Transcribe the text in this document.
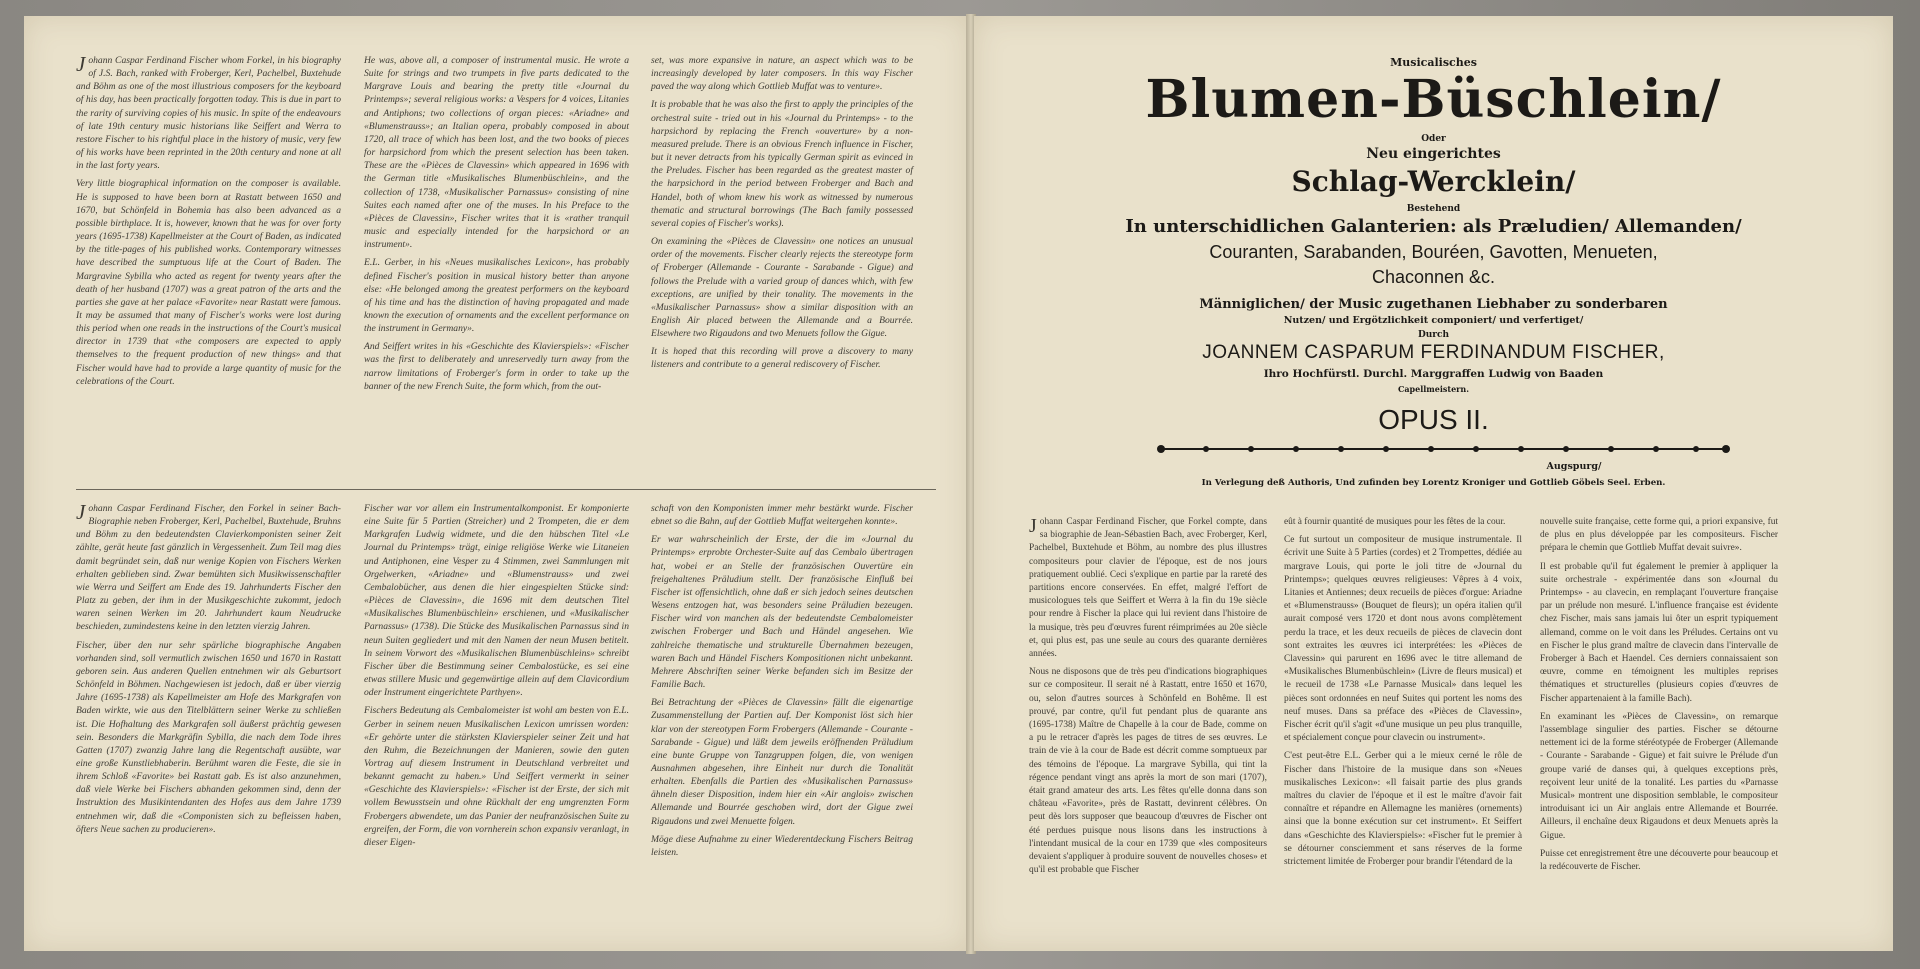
Johann Caspar Ferdinand Fischer whom Forkel, in his biography of J.S. Bach, ranked with Froberger, Kerl, Pachelbel, Buxtehude and Böhm as one of the most illustrious composers for the keyboard of his day, has been practically forgotten today. This is due in part to the rarity of surviving copies of his music. In spite of the endeavours of late 19th century music historians like Seiffert and Werra to restore Fischer to his rightful place in the history of music, very few of his works have been reprinted in the 20th century and none at all in the last forty years.

Very little biographical information on the composer is available. He is supposed to have been born at Rastatt between 1650 and 1670, but Schönfeld in Bohemia has also been advanced as a possible birthplace. It is, however, known that he was for over forty years (1695-1738) Kapellmeister at the Court of Baden, as indicated by the title-pages of his published works. Contemporary witnesses have described the sumptuous life at the Court of Baden. The Margravine Sybilla who acted as regent for twenty years after the death of her husband (1707) was a great patron of the arts and the parties she gave at her palace «Favorite» near Rastatt were famous. It may be assumed that many of Fischer's works were lost during this period when one reads in the instructions of the Court's musical director in 1739 that «the composers are expected to apply themselves to the frequent production of new things» and that Fischer would have had to provide a large quantity of music for the celebrations of the Court.

He was, above all, a composer of instrumental music. He wrote a Suite for strings and two trumpets in five parts dedicated to the Margrave Louis and bearing the pretty title «Journal du Printemps»; several religious works: a Vespers for 4 voices, Litanies and Antiphons; two collections of organ pieces: «Ariadne» and «Blumenstrauss»; an Italian opera, probably composed in about 1720, all trace of which has been lost, and the two books of pieces for harpsichord from which the present selection has been taken. These are the «Pièces de Clavessin» which appeared in 1696 with the German title «Musikalisches Blumenbüschlein», and the collection of 1738, «Musikalischer Parnassus» consisting of nine Suites each named after one of the muses. In his Preface to the «Pièces de Clavessin», Fischer writes that it is «rather tranquil music and especially intended for the harpsichord or an instrument».

E.L. Gerber, in his «Neues musikalisches Lexicon», has probably defined Fischer's position in musical history better than anyone else: «He belonged among the greatest performers on the keyboard of his time and has the distinction of having propagated and made known the execution of ornaments and the excellent performance on the instrument in Germany».

And Seiffert writes in his «Geschichte des Klavierspiels»: «Fischer was the first to deliberately and unreservedly turn away from the narrow limitations of Froberger's form in order to take up the banner of the new French Suite, the form which, from the out-

set, was more expansive in nature, an aspect which was to be increasingly developed by later composers. In this way Fischer paved the way along which Gottlieb Muffat was to venture».

It is probable that he was also the first to apply the principles of the orchestral suite - tried out in his «Journal du Printemps» - to the harpsichord by replacing the French «ouverture» by a non-measured prelude. There is an obvious French influence in Fischer, but it never detracts from his typically German spirit as evinced in the Preludes. Fischer has been regarded as the greatest master of the harpsichord in the period between Froberger and Bach and Handel, both of whom knew his work as witnessed by numerous thematic and structural borrowings (The Bach family possessed several copies of Fischer's works).

On examining the «Pièces de Clavessin» one notices an unusual order of the movements. Fischer clearly rejects the stereotype form of Froberger (Allemande - Courante - Sarabande - Gigue) and follows the Prelude with a varied group of dances which, with few exceptions, are unified by their tonality. The movements in the «Musikalischer Parnassus» show a similar disposition with an English Air placed between the Allemande and a Bourrée. Elsewhere two Rigaudons and two Menuets follow the Gigue.

It is hoped that this recording will prove a discovery to many listeners and contribute to a general rediscovery of Fischer.

Johann Caspar Ferdinand Fischer, den Forkel in seiner Bach-Biographie neben Froberger, Kerl, Pachelbel, Buxtehude, Bruhns und Böhm zu den bedeutendsten Clavierkomponisten seiner Zeit zählte, gerät heute fast gänzlich in Vergessenheit. Zum Teil mag dies damit begründet sein, daß nur wenige Kopien von Fischers Werken erhalten geblieben sind. Zwar bemühten sich Musikwissenschaftler wie Werra und Seiffert am Ende des 19. Jahrhunderts Fischer den Platz zu geben, der ihm in der Musikgeschichte zukommt, jedoch waren seinen Werken im 20. Jahrhundert kaum Neudrucke beschieden, zumindestens keine in den letzten vierzig Jahren.

Fischer, über den nur sehr spärliche biographische Angaben vorhanden sind, soll vermutlich zwischen 1650 und 1670 in Rastatt geboren sein. Aus anderen Quellen entnehmen wir als Geburtsort Schönfeld in Böhmen. Nachgewiesen ist jedoch, daß er über vierzig Jahre (1695-1738) als Kapellmeister am Hofe des Markgrafen von Baden wirkte, wie aus den Titelblättern seiner Werke zu schließen ist. Die Hofhaltung des Markgrafen soll äußerst prächtig gewesen sein. Besonders die Markgräfin Sybilla, die nach dem Tode ihres Gatten (1707) zwanzig Jahre lang die Regentschaft ausübte, war eine große Kunstliebhaberin. Berühmt waren die Feste, die sie in ihrem Schloß «Favorite» bei Rastatt gab. Es ist also anzunehmen, daß viele Werke bei Fischers abhanden gekommen sind, denn der Instruktion des Musikintendanten des Hofes aus dem Jahre 1739 entnehmen wir, daß die «Componisten sich zu befleissen haben, öfters Neue sachen zu producieren».

Fischer war vor allem ein Instrumentalkomponist. Er komponierte eine Suite für 5 Partien (Streicher) und 2 Trompeten, die er dem Markgrafen Ludwig widmete, und die den hübschen Titel «Le Journal du Printemps» trägt, einige religiöse Werke wie Litaneien und Antiphonen, eine Vesper zu 4 Stimmen, zwei Sammlungen mit Orgelwerken, «Ariadne» und «Blumenstrauss» und zwei Cembalobücher, aus denen die hier eingespielten Stücke sind: «Pièces de Clavessin», die 1696 mit dem deutschen Titel «Musikalisches Blumenbüschlein» erschienen, und «Musikalischer Parnassus» (1738). Die Stücke des Musikalischen Parnassus sind in neun Suiten gegliedert und mit den Namen der neun Musen betitelt. In seinem Vorwort des «Musikalischen Blumenbüschleins» schreibt Fischer über die Bestimmung seiner Cembalostücke, es sei eine etwas stillere Music und gegenwärtige allein auf dem Clavicordium oder Instrument eingerichtete Parthyen».

Fischers Bedeutung als Cembalomeister ist wohl am besten von E.L. Gerber in seinem neuen Musikalischen Lexicon umrissen worden: «Er gehörte unter die stärksten Klavierspieler seiner Zeit und hat den Ruhm, die Bezeichnungen der Manieren, sowie den guten Vortrag auf diesem Instrument in Deutschland verbreitet und bekannt gemacht zu haben.» Und Seiffert vermerkt in seiner «Geschichte des Klavierspiels»: «Fischer ist der Erste, der sich mit vollem Bewusstsein und ohne Rückhalt der eng umgrenzten Form Frobergers abwendete, um das Panier der neufranzösischen Suite zu ergreifen, der Form, die von vornherein schon expansiv veranlagt, in dieser Eigen-

schaft von den Komponisten immer mehr bestärkt wurde. Fischer ebnet so die Bahn, auf der Gottlieb Muffat weitergehen konnte».

Er war wahrscheinlich der Erste, der die im «Journal du Printemps» erprobte Orchester-Suite auf das Cembalo übertragen hat, wobei er an Stelle der französischen Ouvertüre ein freigehaltenes Präludium stellt. Der französische Einfluß bei Fischer ist offensichtlich, ohne daß er sich jedoch seines deutschen Wesens entzogen hat, was besonders seine Präludien bezeugen. Fischer wird von manchen als der bedeutendste Cembalomeister zwischen Froberger und Bach und Händel angesehen. Wie zahlreiche thematische und strukturelle Übernahmen bezeugen, waren Bach und Händel Fischers Kompositionen nicht unbekannt. Mehrere Abschriften seiner Werke befanden sich im Besitze der Familie Bach.

Bei Betrachtung der «Pièces de Clavessin» fällt die eigenartige Zusammenstellung der Partien auf. Der Komponist löst sich hier klar von der stereotypen Form Frobergers (Allemande - Courante - Sarabande - Gigue) und läßt dem jeweils eröffnenden Präludium eine bunte Gruppe von Tanzgruppen folgen, die, von wenigen Ausnahmen abgesehen, ihre Einheit nur durch die Tonalität erhalten. Ebenfalls die Partien des «Musikalischen Parnassus» ähneln dieser Disposition, indem hier ein «Air anglois» zwischen Allemande und Bourrée geschoben wird, dort der Gigue zwei Rigaudons und zwei Menuette folgen.

Möge diese Aufnahme zu einer Wiederentdeckung Fischers Beitrag leisten.

Musicalisches
Blumen-Büschlein/
Oder
Neu eingerichtes
Schlag-Wercklein/
Bestehend
In unterschidlichen Galanterien: als Præludien/ Allemanden/
Couranten, Sarabanden, Bouréen, Gavotten, Menueten,
Chaconnen &c.
Männiglichen/ der Music zugethanen Liebhaber zu sonderbaren
Nutzen/ und Ergötzlichkeit componiert/ und verfertiget/
Durch
JOANNEM CASPARUM FERDINANDUM FISCHER,
Ihro Hochfürstl. Durchl. Marggraffen Ludwig von Baaden
Capellmeistern.
OPUS II.
Augspurg/
In Verlegung deß Authoris, Und zufinden bey Lorentz Kroniger und Gottlieb Göbels Seel. Erben.

Johann Caspar Ferdinand Fischer, que Forkel compte, dans sa biographie de Jean-Sébastien Bach, avec Froberger, Kerl, Pachelbel, Buxtehude et Böhm, au nombre des plus illustres compositeurs pour clavier de l'époque, est de nos jours pratiquement oublié. Ceci s'explique en partie par la rareté des partitions encore conservées. En effet, malgré l'effort de musicologues tels que Seiffert et Werra à la fin du 19e siècle pour rendre à Fischer la place qui lui revient dans l'histoire de la musique, très peu d'œuvres furent réimprimées au 20e siècle et, qui plus est, pas une seule au cours des quarante dernières années.

Nous ne disposons que de très peu d'indications biographiques sur ce compositeur. Il serait né à Rastatt, entre 1650 et 1670, ou, selon d'autres sources à Schönfeld en Bohême. Il est prouvé, par contre, qu'il fut pendant plus de quarante ans (1695-1738) Maître de Chapelle à la cour de Bade, comme on a pu le retracer d'après les pages de titres de ses œuvres. Le train de vie à la cour de Bade est décrit comme somptueux par des témoins de l'époque. La margrave Sybilla, qui tint la régence pendant vingt ans après la mort de son mari (1707), était grand amateur des arts. Les fêtes qu'elle donna dans son château «Favorite», près de Rastatt, devinrent célèbres. On peut dès lors supposer que beaucoup d'œuvres de Fischer ont été perdues puisque nous lisons dans les instructions à l'intendant musical de la cour en 1739 que «les compositeurs devaient s'appliquer à produire souvent de nouvelles choses» et qu'il est probable que Fischer

eût à fournir quantité de musiques pour les fêtes de la cour.

Ce fut surtout un compositeur de musique instrumentale. Il écrivit une Suite à 5 Parties (cordes) et 2 Trompettes, dédiée au margrave Louis, qui porte le joli titre de «Journal du Printemps»; quelques œuvres religieuses: Vêpres à 4 voix, Litanies et Antiennes; deux recueils de pièces d'orgue: Ariadne et «Blumenstrauss» (Bouquet de fleurs); un opéra italien qu'il aurait composé vers 1720 et dont nous avons complètement perdu la trace, et les deux recueils de pièces de clavecin dont sont extraites les œuvres ici interprétées: les «Pièces de Clavessin» qui parurent en 1696 avec le titre allemand de «Musikalisches Blumenbüschlein» (Livre de fleurs musical) et le recueil de 1738 «Le Parnasse Musical» dans lequel les pièces sont ordonnées en neuf Suites qui portent les noms des neuf muses. Dans sa préface des «Pièces de Clavessin», Fischer écrit qu'il s'agit «d'une musique un peu plus tranquille, et spécialement conçue pour clavecin ou instrument».

C'est peut-être E.L. Gerber qui a le mieux cerné le rôle de Fischer dans l'histoire de la musique dans son «Neues musikalisches Lexicon»: «Il faisait partie des plus grands maîtres du clavier de l'époque et il est le maître d'avoir fait connaître et répandre en Allemagne les manières (ornements) ainsi que la bonne exécution sur cet instrument». Et Seiffert dans «Geschichte des Klavierspiels»: «Fischer fut le premier à se détourner consciemment et sans réserves de la forme strictement limitée de Froberger pour brandir l'étendard de la

nouvelle suite française, cette forme qui, a priori expansive, fut de plus en plus développée par les compositeurs. Fischer prépara le chemin que Gottlieb Muffat devait suivre».

Il est probable qu'il fut également le premier à appliquer la suite orchestrale - expérimentée dans son «Journal du Printemps» - au clavecin, en remplaçant l'ouverture française par un prélude non mesuré. L'influence française est évidente chez Fischer, mais sans jamais lui ôter un esprit typiquement allemand, comme on le voit dans les Préludes. Certains ont vu en Fischer le plus grand maître de clavecin dans l'intervalle de Froberger à Bach et Haendel. Ces derniers connaissaient son œuvre, comme en témoignent les multiples reprises thématiques et structurelles (plusieurs copies d'œuvres de Fischer appartenaient à la famille Bach).

En examinant les «Pièces de Clavessin», on remarque l'assemblage singulier des parties. Fischer se détourne nettement ici de la forme stéréotypée de Froberger (Allemande - Courante - Sarabande - Gigue) et fait suivre le Prélude d'un groupe varié de danses qui, à quelques exceptions près, reçoivent leur unité de la tonalité. Les parties du «Parnasse Musical» montrent une disposition semblable, le compositeur introduisant ici un Air anglais entre Allemande et Bourrée. Ailleurs, il enchaîne deux Rigaudons et deux Menuets après la Gigue.

Puisse cet enregistrement être une découverte pour beaucoup et la redécouverte de Fischer.
